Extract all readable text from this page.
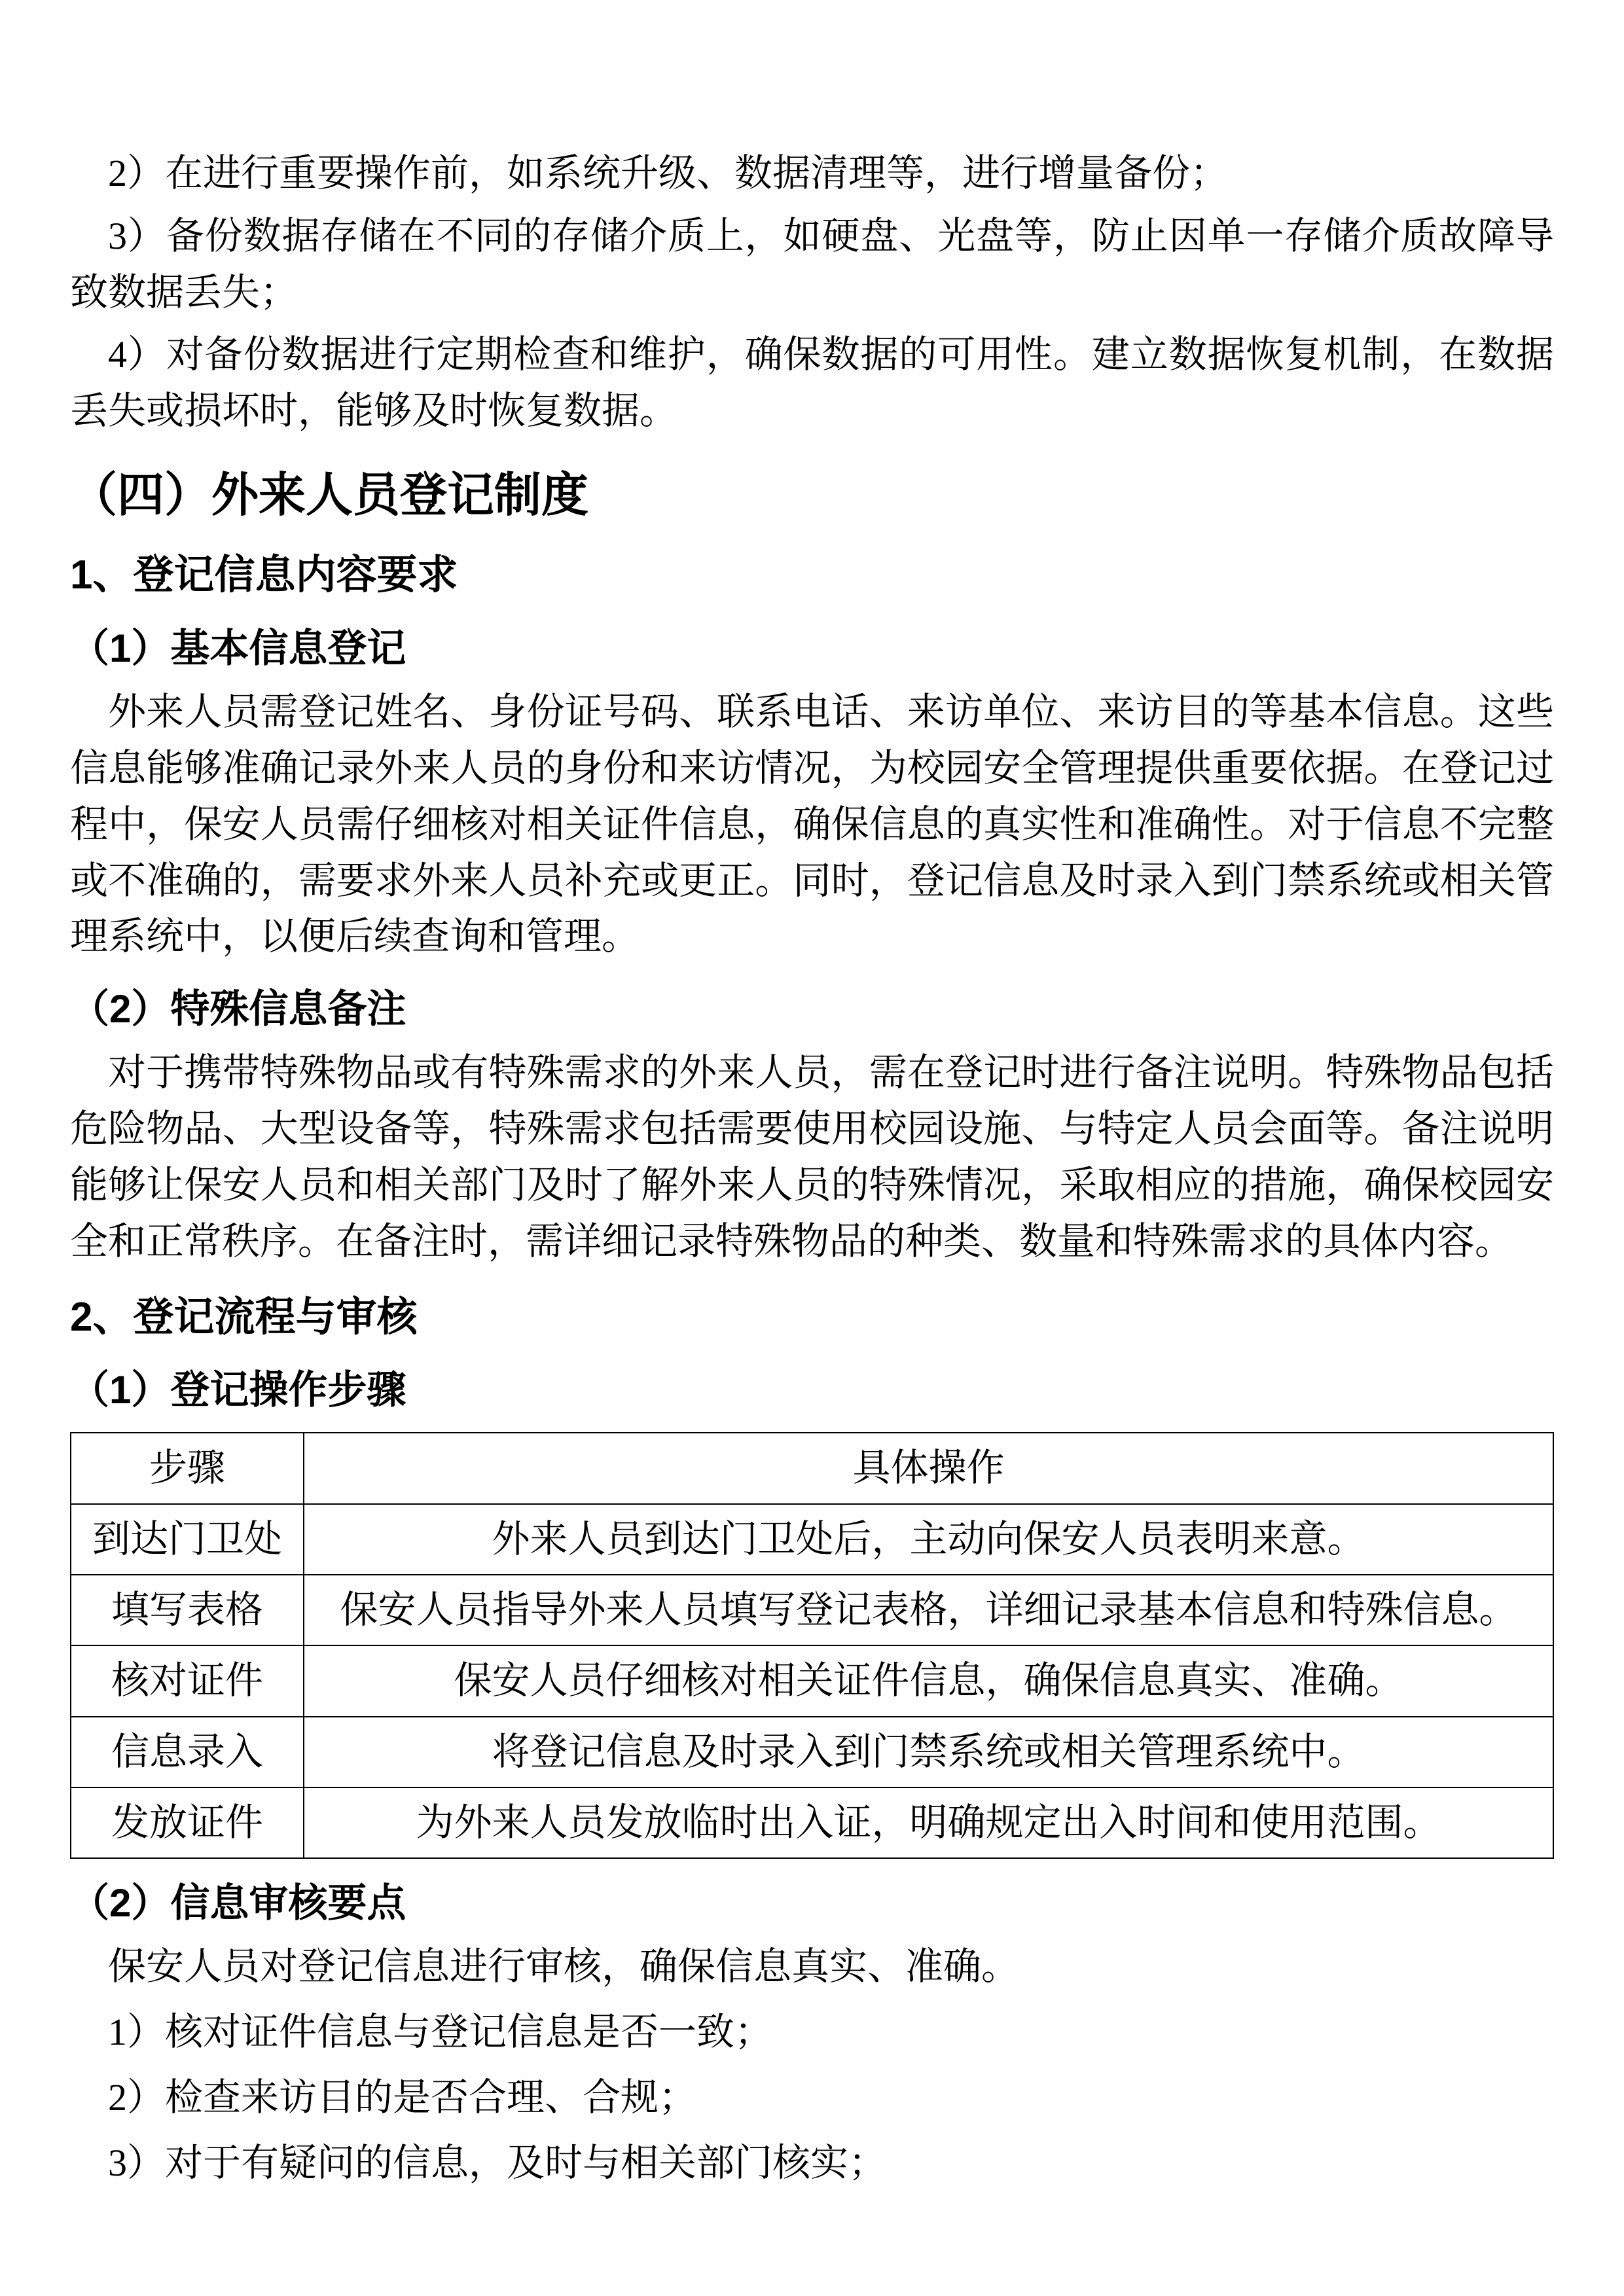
2）在进行重要操作前，如系统升级、数据清理等，进行增量备份；

3）备份数据存储在不同的存储介质上，如硬盘、光盘等，防止因单一存储介质故障导致数据丢失；

4）对备份数据进行定期检查和维护，确保数据的可用性。建立数据恢复机制，在数据丢失或损坏时，能够及时恢复数据。

（四）外来人员登记制度
1、登记信息内容要求
（1）基本信息登记

外来人员需登记姓名、身份证号码、联系电话、来访单位、来访目的等基本信息。这些信息能够准确记录外来人员的身份和来访情况，为校园安全管理提供重要依据。在登记过程中，保安人员需仔细核对相关证件信息，确保信息的真实性和准确性。对于信息不完整或不准确的，需要求外来人员补充或更正。同时，登记信息及时录入到门禁系统或相关管理系统中，以便后续查询和管理。

（2）特殊信息备注

对于携带特殊物品或有特殊需求的外来人员，需在登记时进行备注说明。特殊物品包括危险物品、大型设备等，特殊需求包括需要使用校园设施、与特定人员会面等。备注说明能够让保安人员和相关部门及时了解外来人员的特殊情况，采取相应的措施，确保校园安全和正常秩序。在备注时，需详细记录特殊物品的种类、数量和特殊需求的具体内容。

2、登记流程与审核
（1）登记操作步骤
步骤	具体操作
到达门卫处	外来人员到达门卫处后，主动向保安人员表明来意。
填写表格	保安人员指导外来人员填写登记表格，详细记录基本信息和特殊信息。
核对证件	保安人员仔细核对相关证件信息，确保信息真实、准确。
信息录入	将登记信息及时录入到门禁系统或相关管理系统中。
发放证件	为外来人员发放临时出入证，明确规定出入时间和使用范围。
（2）信息审核要点

保安人员对登记信息进行审核，确保信息真实、准确。

1）核对证件信息与登记信息是否一致；

2）检查来访目的是否合理、合规；

3）对于有疑问的信息，及时与相关部门核实；
